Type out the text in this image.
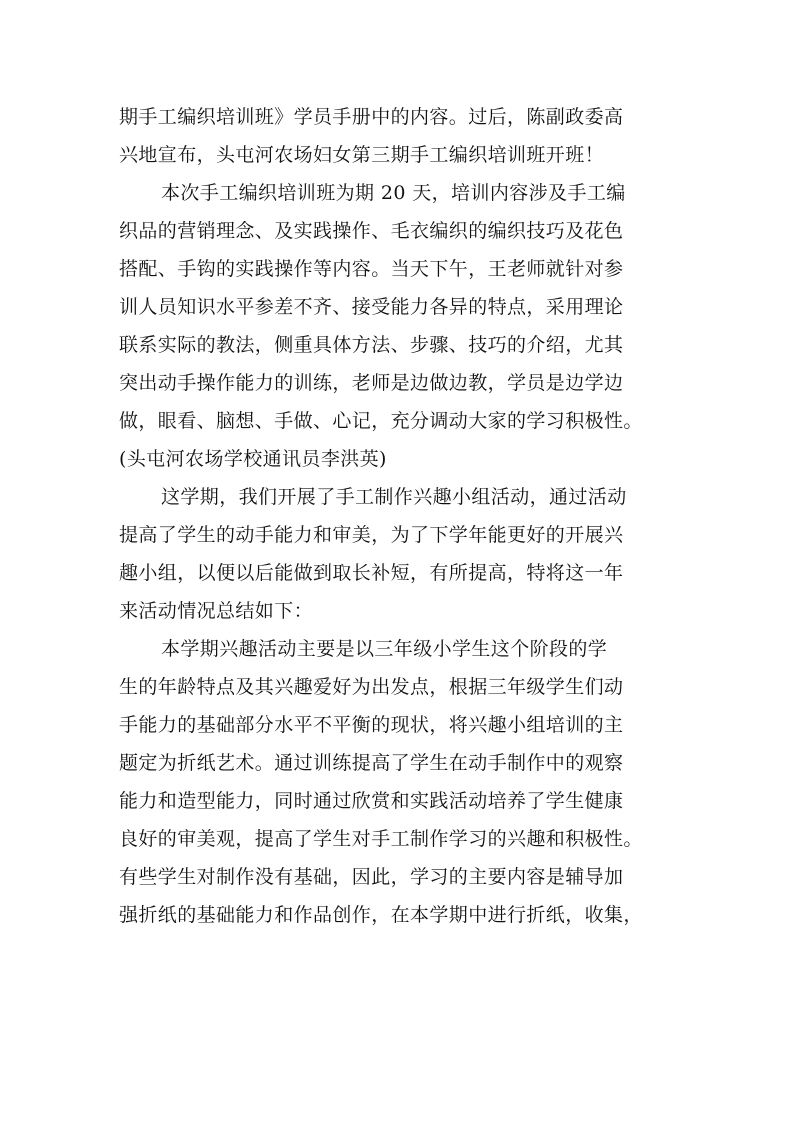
期手工编织培训班》学员手册中的内容。过后，陈副政委高
兴地宣布，头屯河农场妇女第三期手工编织培训班开班！
本次手工编织培训班为期 20 天，培训内容涉及手工编
织品的营销理念、及实践操作、毛衣编织的编织技巧及花色
搭配、手钩的实践操作等内容。当天下午，王老师就针对参
训人员知识水平参差不齐、接受能力各异的特点，采用理论
联系实际的教法，侧重具体方法、步骤、技巧的介绍，尤其
突出动手操作能力的训练，老师是边做边教，学员是边学边
做，眼看、脑想、手做、心记，充分调动大家的学习积极性。
(头屯河农场学校通讯员李洪英)
这学期，我们开展了手工制作兴趣小组活动，通过活动
提高了学生的动手能力和审美，为了下学年能更好的开展兴
趣小组，以便以后能做到取长补短，有所提高，特将这一年
来活动情况总结如下：
本学期兴趣活动主要是以三年级小学生这个阶段的学
生的年龄特点及其兴趣爱好为出发点，根据三年级学生们动
手能力的基础部分水平不平衡的现状，将兴趣小组培训的主
题定为折纸艺术。通过训练提高了学生在动手制作中的观察
能力和造型能力，同时通过欣赏和实践活动培养了学生健康
良好的审美观，提高了学生对手工制作学习的兴趣和积极性。
有些学生对制作没有基础，因此，学习的主要内容是辅导加
强折纸的基础能力和作品创作，在本学期中进行折纸，收集，
